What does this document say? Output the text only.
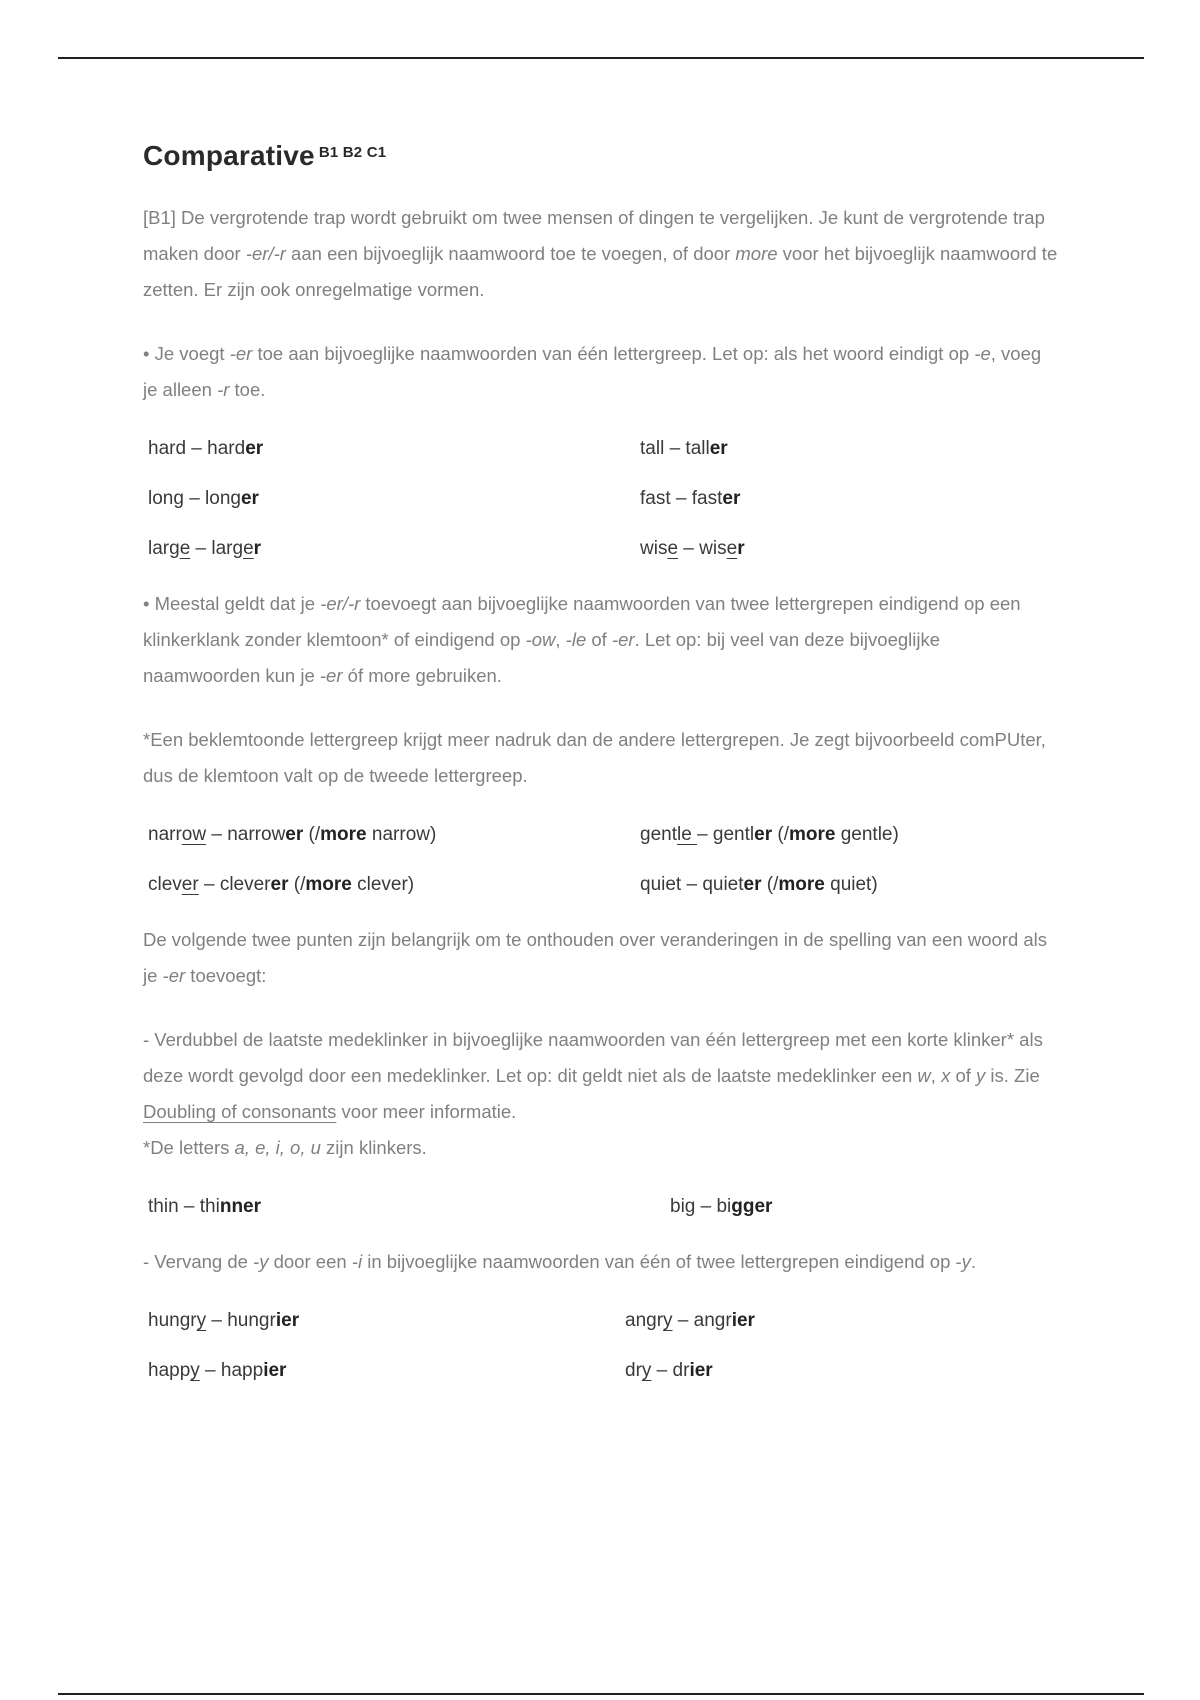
Comparative $^{B1 B2 C1}$

[B1] De vergrotende trap wordt gebruikt om twee mensen of dingen te vergelijken. Je kunt de vergrotende trap maken door -er/-r aan een bijvoeglijk naamwoord toe te voegen, of door more voor het bijvoeglijk naamwoord te zetten. Er zijn ook onregelmatige vormen.

• Je voegt -er toe aan bijvoeglijke naamwoorden van één lettergreep. Let op: als het woord eindigt op -e, voeg je alleen -r toe.

hard – harder	tall – taller
long – longer	fast – faster
large – larger	wise – wiser

• Meestal geldt dat je -er/-r toevoegt aan bijvoeglijke naamwoorden van twee lettergrepen eindigend op een klinkerklank zonder klemtoon* of eindigend op -ow, -le of -er. Let op: bij veel van deze bijvoeglijke naamwoorden kun je -er óf more gebruiken.

*Een beklemtoonde lettergreep krijgt meer nadruk dan de andere lettergrepen. Je zegt bijvoorbeeld comPUter, dus de klemtoon valt op de tweede lettergreep.

narrow – narrower (/more narrow)	gentle – gentler (/more gentle)
clever – cleverer (/more clever)	quiet – quieter (/more quiet)

De volgende twee punten zijn belangrijk om te onthouden over veranderingen in de spelling van een woord als je -er toevoegt:

- Verdubbel de laatste medeklinker in bijvoeglijke naamwoorden van één lettergreep met een korte klinker* als deze wordt gevolgd door een medeklinker. Let op: dit geldt niet als de laatste medeklinker een w, x of y is. Zie Doubling of consonants voor meer informatie.
*De letters a, e, i, o, u zijn klinkers.

thin – thinner	big – bigger

- Vervang de -y door een -i in bijvoeglijke naamwoorden van één of twee lettergrepen eindigend op -y.

hungry – hungrier	angry – angrier
happy – happier	dry – drier
